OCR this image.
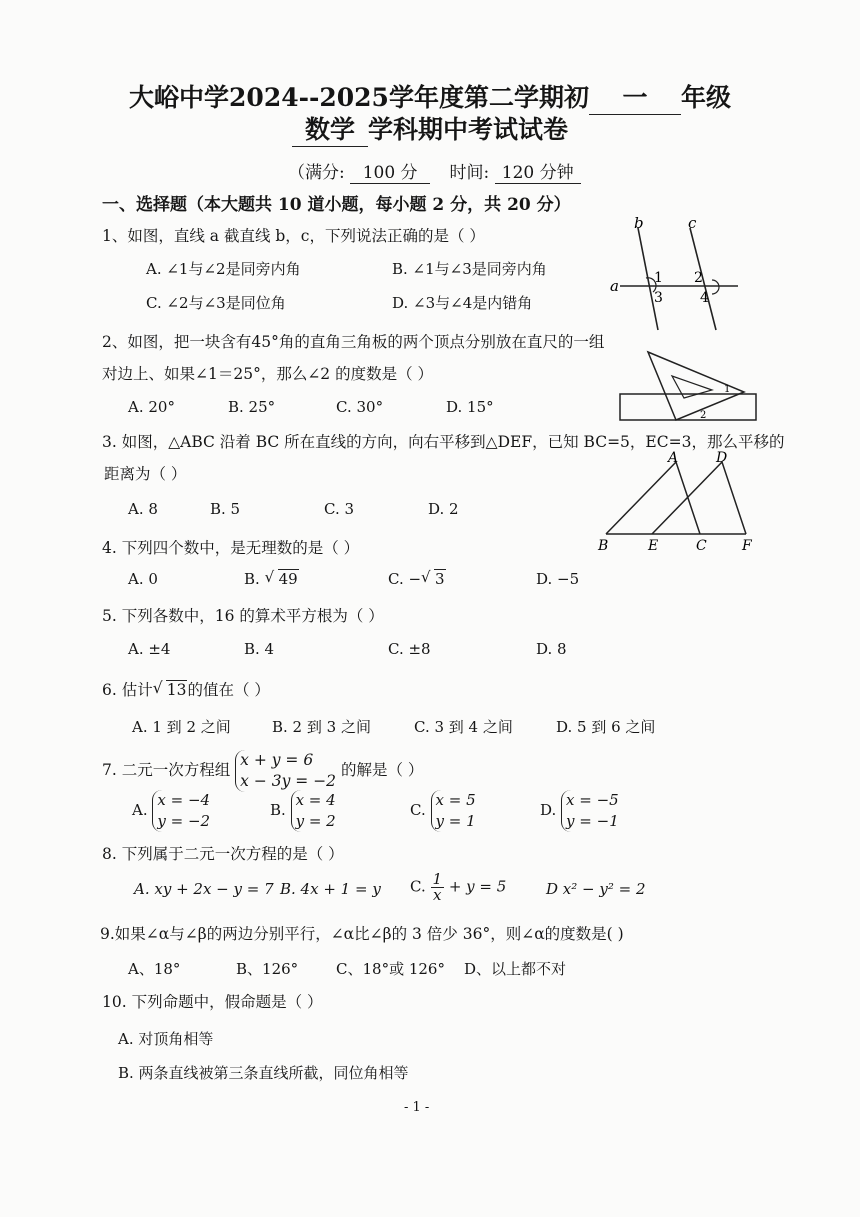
大峪中学2024--2025学年度第二学期初 一 年级
数学 学科期中考试试卷
（满分: 100 分 时间: 120 分钟
一、选择题（本大题共 10 道小题，每小题 2 分，共 20 分）
1、如图，直线 a 截直线 b，c，下列说法正确的是（ ）
A. ∠1与∠2是同旁内角	B. ∠1与∠3是同旁内角
C. ∠2与∠3是同位角	D. ∠3与∠4是内错角
b	c
a	1 2
3	4
2、如图，把一块含有45°角的直角三角板的两个顶点分别放在直尺的一组
对边上、如果∠1＝25°，那么∠2 的度数是（ ）
A. 20°	B. 25°	C. 30°	D. 15°
1
2
3. 如图，△ABC 沿着 BC 所在直线的方向，向右平移到△DEF，已知 BC=5，EC=3，那么平移的
距离为（ ）
A. 8	B. 5	C. 3	D. 2
A	D
B	E	C	F
4. 下列四个数中，是无理数的是（ ）
A. 0	B. √ 49	C. − √ 3	D. −5
5. 下列各数中，16 的算术平方根为（ ）
A. ±4	B. 4	C. ±8	D. 8
6. 估计 √ 13的值在（ ）
A. 1 到 2 之间	B. 2 到 3 之间	C. 3 到 4 之间	D. 5 到 6 之间
7. 二元一次方程组 x + y = 6
x − 3y = −2 的解是（ ）
A. x = −4
y = −2
B. x = 4
y = 2
C. x = 5
y = 1
D. x = −5
y = −1
8. 下列属于二元一次方程的是（ ）
A. xy + 2x − y = 7 B. 4x + 1 = y C. $\frac{1}{x} + y = 5$	D x² − y² = 2
9.如果∠α与∠β的两边分别平行，∠α比∠β的 3 倍少 36°，则∠α的度数是( )
A、18°	B、126°	C、18°或 126° D、以上都不对
10. 下列命题中，假命题是（ ）
A. 对顶角相等
B. 两条直线被第三条直线所截，同位角相等
- 1 -
